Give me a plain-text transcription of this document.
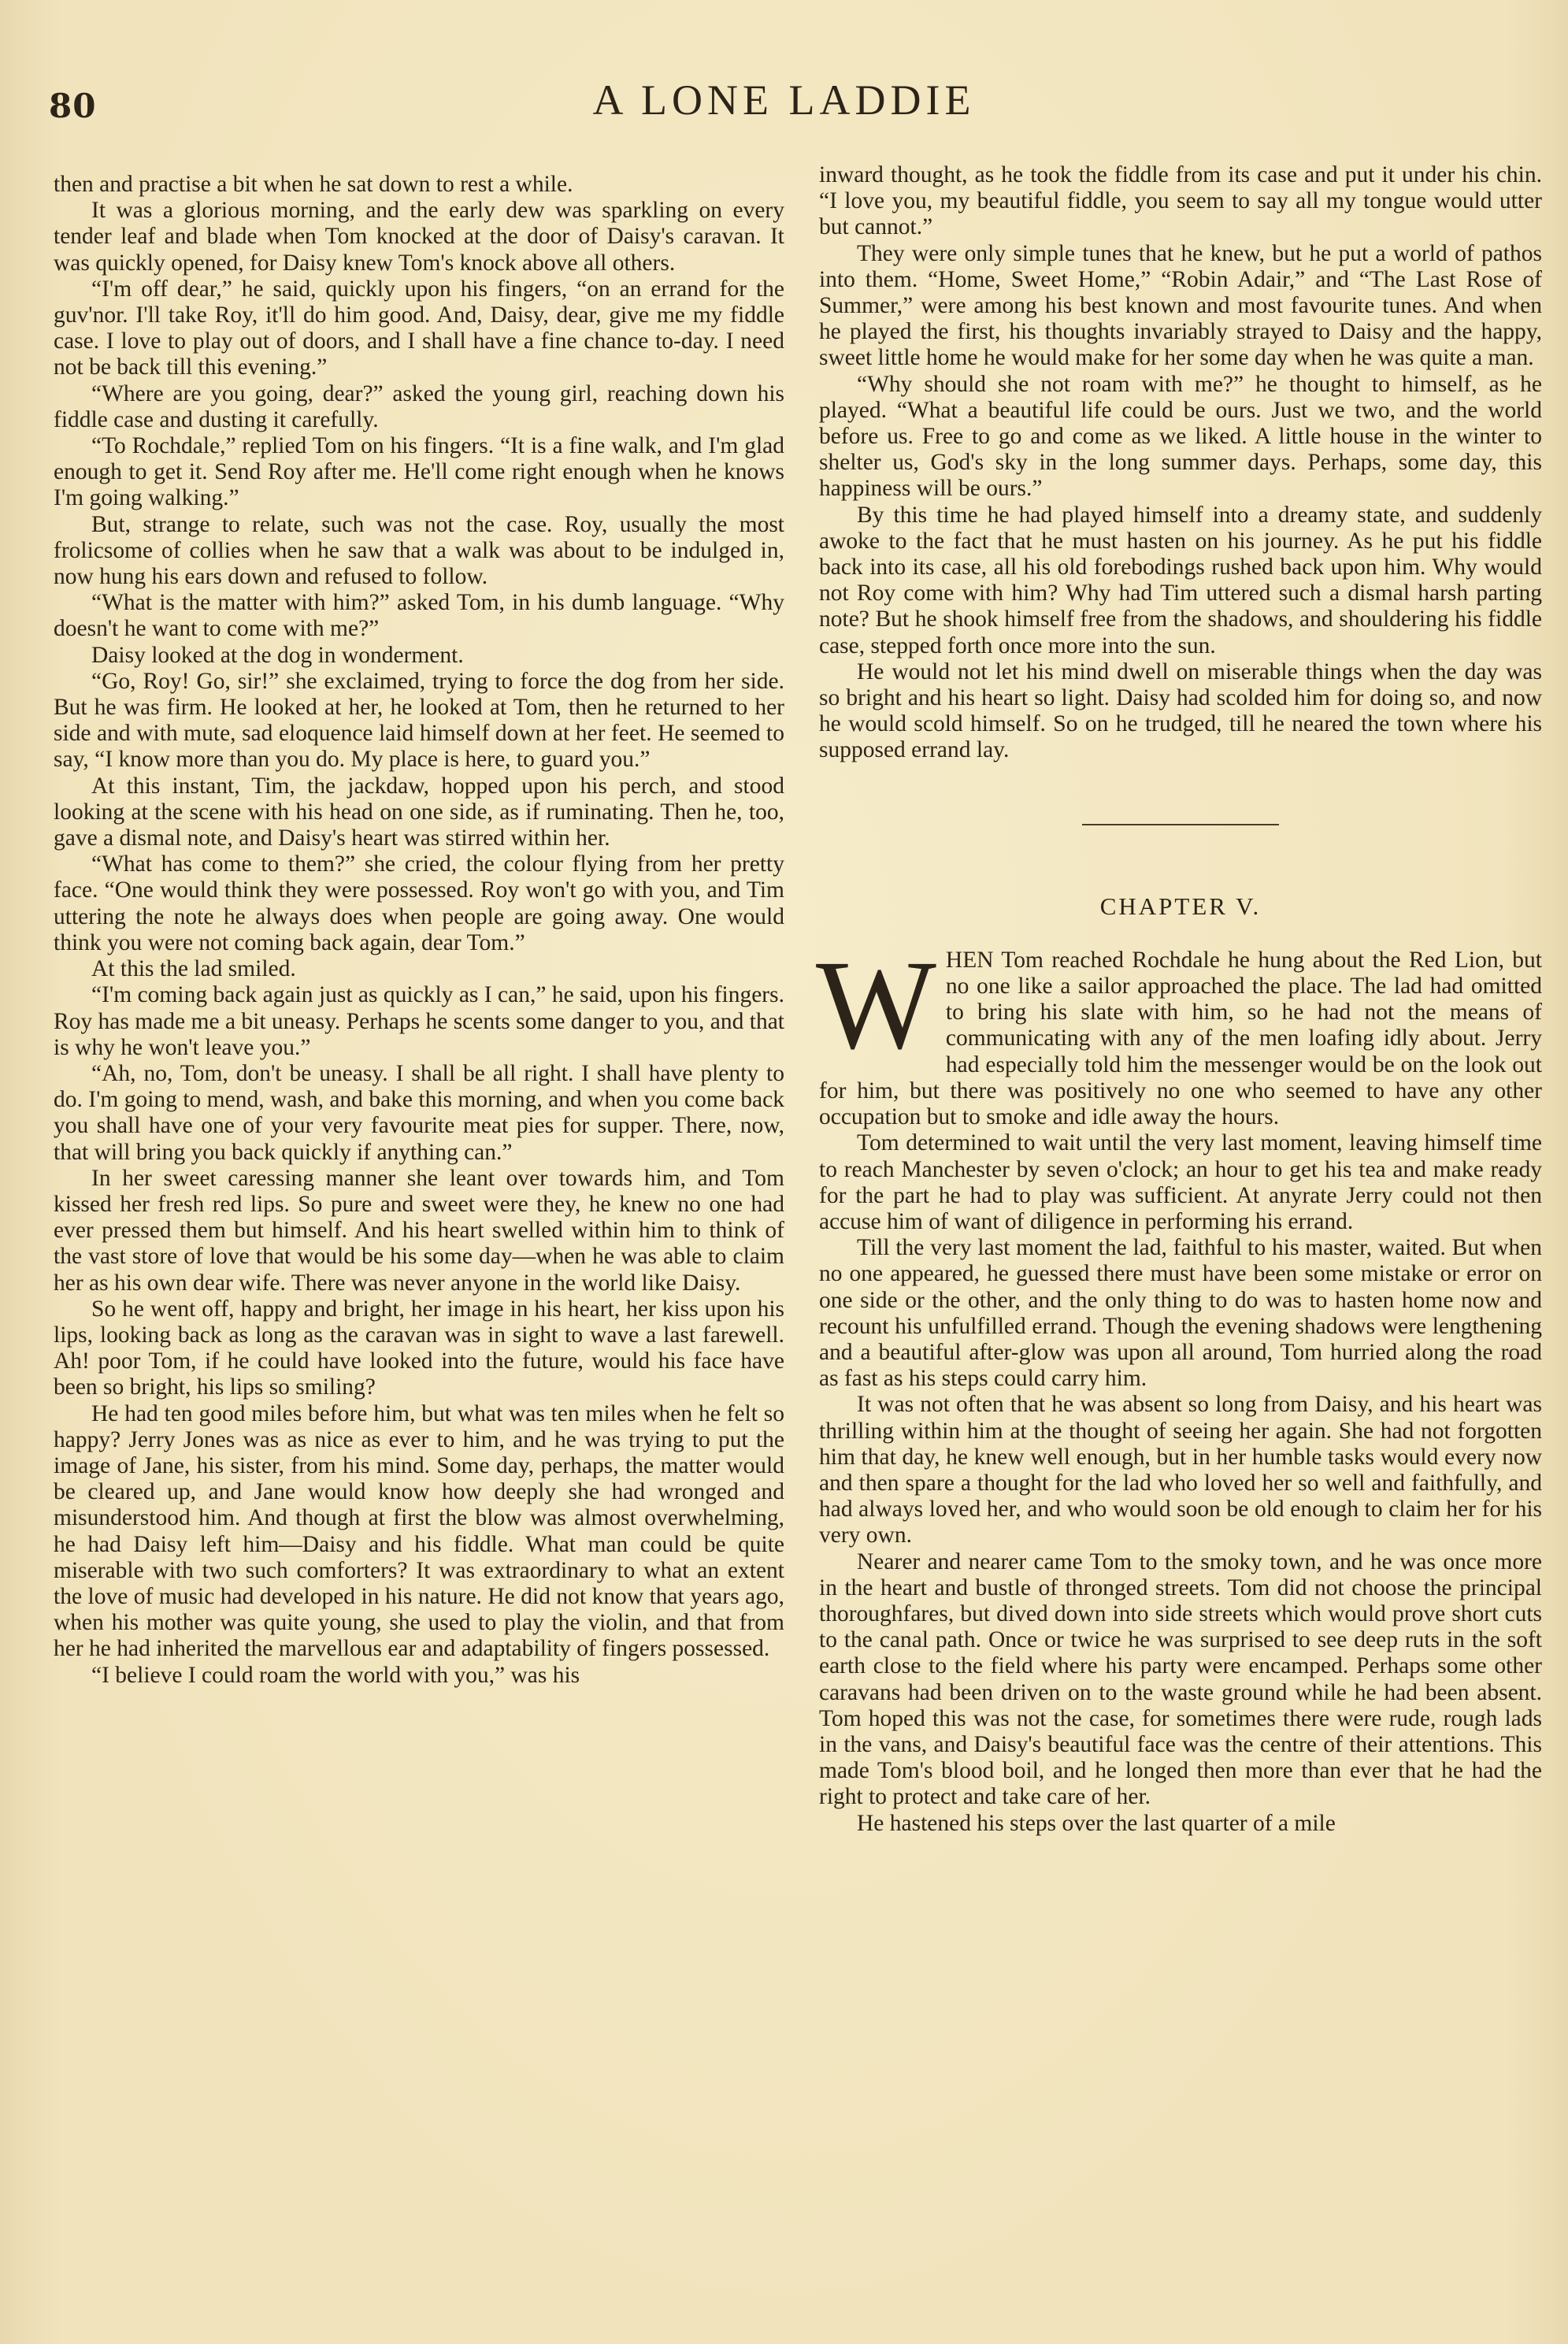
80	A LONE LADDIE

then and practise a bit when he sat down to rest a while.

It was a glorious morning, and the early dew was sparkling on every tender leaf and blade when Tom knocked at the door of Daisy's caravan. It was quickly opened, for Daisy knew Tom's knock above all others.

“I'm off dear,” he said, quickly upon his fingers, “on an errand for the guv'nor. I'll take Roy, it'll do him good. And, Daisy, dear, give me my fiddle case. I love to play out of doors, and I shall have a fine chance to-day. I need not be back till this evening.”

“Where are you going, dear?” asked the young girl, reaching down his fiddle case and dusting it carefully.

“To Rochdale,” replied Tom on his fingers. “It is a fine walk, and I'm glad enough to get it. Send Roy after me. He'll come right enough when he knows I'm going walking.”

But, strange to relate, such was not the case. Roy, usually the most frolicsome of collies when he saw that a walk was about to be indulged in, now hung his ears down and refused to follow.

“What is the matter with him?” asked Tom, in his dumb language. “Why doesn't he want to come with me?”

Daisy looked at the dog in wonderment.

“Go, Roy! Go, sir!” she exclaimed, trying to force the dog from her side. But he was firm. He looked at her, he looked at Tom, then he returned to her side and with mute, sad eloquence laid himself down at her feet. He seemed to say, “I know more than you do. My place is here, to guard you.”

At this instant, Tim, the jackdaw, hopped upon his perch, and stood looking at the scene with his head on one side, as if ruminating. Then he, too, gave a dismal note, and Daisy's heart was stirred within her.

“What has come to them?” she cried, the colour flying from her pretty face. “One would think they were possessed. Roy won't go with you, and Tim uttering the note he always does when people are going away. One would think you were not coming back again, dear Tom.”

At this the lad smiled.

“I'm coming back again just as quickly as I can,” he said, upon his fingers. Roy has made me a bit uneasy. Perhaps he scents some danger to you, and that is why he won't leave you.”

“Ah, no, Tom, don't be uneasy. I shall be all right. I shall have plenty to do. I'm going to mend, wash, and bake this morning, and when you come back you shall have one of your very favourite meat pies for supper. There, now, that will bring you back quickly if anything can.”

In her sweet caressing manner she leant over towards him, and Tom kissed her fresh red lips. So pure and sweet were they, he knew no one had ever pressed them but himself. And his heart swelled within him to think of the vast store of love that would be his some day—when he was able to claim her as his own dear wife. There was never anyone in the world like Daisy.

So he went off, happy and bright, her image in his heart, her kiss upon his lips, looking back as long as the caravan was in sight to wave a last farewell. Ah! poor Tom, if he could have looked into the future, would his face have been so bright, his lips so smiling?

He had ten good miles before him, but what was ten miles when he felt so happy? Jerry Jones was as nice as ever to him, and he was trying to put the image of Jane, his sister, from his mind. Some day, perhaps, the matter would be cleared up, and Jane would know how deeply she had wronged and misunderstood him. And though at first the blow was almost overwhelming, he had Daisy left him—Daisy and his fiddle. What man could be quite miserable with two such comforters? It was extraordinary to what an extent the love of music had developed in his nature. He did not know that years ago, when his mother was quite young, she used to play the violin, and that from her he had inherited the marvellous ear and adaptability of fingers possessed.

“I believe I could roam the world with you,” was his

inward thought, as he took the fiddle from its case and put it under his chin. “I love you, my beautiful fiddle, you seem to say all my tongue would utter but cannot.”

They were only simple tunes that he knew, but he put a world of pathos into them. “Home, Sweet Home,” “Robin Adair,” and “The Last Rose of Summer,” were among his best known and most favourite tunes. And when he played the first, his thoughts invariably strayed to Daisy and the happy, sweet little home he would make for her some day when he was quite a man.

“Why should she not roam with me?” he thought to himself, as he played. “What a beautiful life could be ours. Just we two, and the world before us. Free to go and come as we liked. A little house in the winter to shelter us, God's sky in the long summer days. Perhaps, some day, this happiness will be ours.”

By this time he had played himself into a dreamy state, and suddenly awoke to the fact that he must hasten on his journey. As he put his fiddle back into its case, all his old forebodings rushed back upon him. Why would not Roy come with him? Why had Tim uttered such a dismal harsh parting note? But he shook himself free from the shadows, and shouldering his fiddle case, stepped forth once more into the sun.

He would not let his mind dwell on miserable things when the day was so bright and his heart so light. Daisy had scolded him for doing so, and now he would scold himself. So on he trudged, till he neared the town where his supposed errand lay.

CHAPTER V.

WHEN Tom reached Rochdale he hung about the Red Lion, but no one like a sailor approached the place. The lad had omitted to bring his slate with him, so he had not the means of communicating with any of the men loafing idly about. Jerry had especially told him the messenger would be on the look out for him, but there was positively no one who seemed to have any other occupation but to smoke and idle away the hours.

Tom determined to wait until the very last moment, leaving himself time to reach Manchester by seven o'clock; an hour to get his tea and make ready for the part he had to play was sufficient. At anyrate Jerry could not then accuse him of want of diligence in performing his errand.

Till the very last moment the lad, faithful to his master, waited. But when no one appeared, he guessed there must have been some mistake or error on one side or the other, and the only thing to do was to hasten home now and recount his unfulfilled errand. Though the evening shadows were lengthening and a beautiful after-glow was upon all around, Tom hurried along the road as fast as his steps could carry him.

It was not often that he was absent so long from Daisy, and his heart was thrilling within him at the thought of seeing her again. She had not forgotten him that day, he knew well enough, but in her humble tasks would every now and then spare a thought for the lad who loved her so well and faithfully, and had always loved her, and who would soon be old enough to claim her for his very own.

Nearer and nearer came Tom to the smoky town, and he was once more in the heart and bustle of thronged streets. Tom did not choose the principal thoroughfares, but dived down into side streets which would prove short cuts to the canal path. Once or twice he was surprised to see deep ruts in the soft earth close to the field where his party were encamped. Perhaps some other caravans had been driven on to the waste ground while he had been absent. Tom hoped this was not the case, for sometimes there were rude, rough lads in the vans, and Daisy's beautiful face was the centre of their attentions. This made Tom's blood boil, and he longed then more than ever that he had the right to protect and take care of her.

He hastened his steps over the last quarter of a mile
